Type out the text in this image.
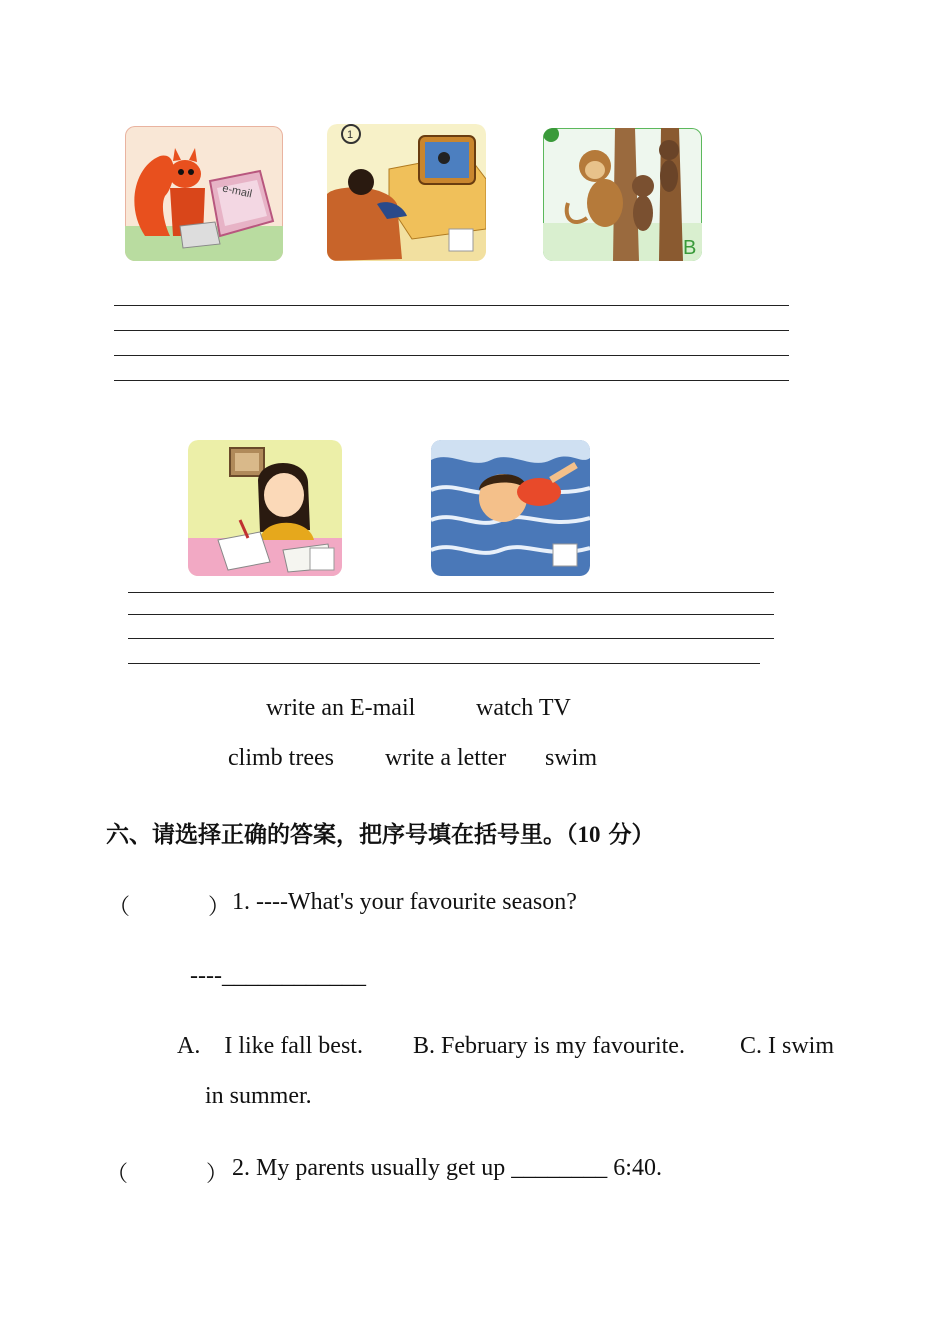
e-mail
1
B
write an E-mail	watch TV
climb trees write a letter swim
六、请选择正确的答案，把序号填在括号里。（10 分）
（	） 1. ----What's your favourite season?
----____________
A.    I like fall best. B. February is my favourite. C. I swim
in summer.
（	） 2. My parents usually get up ________ 6:40.
